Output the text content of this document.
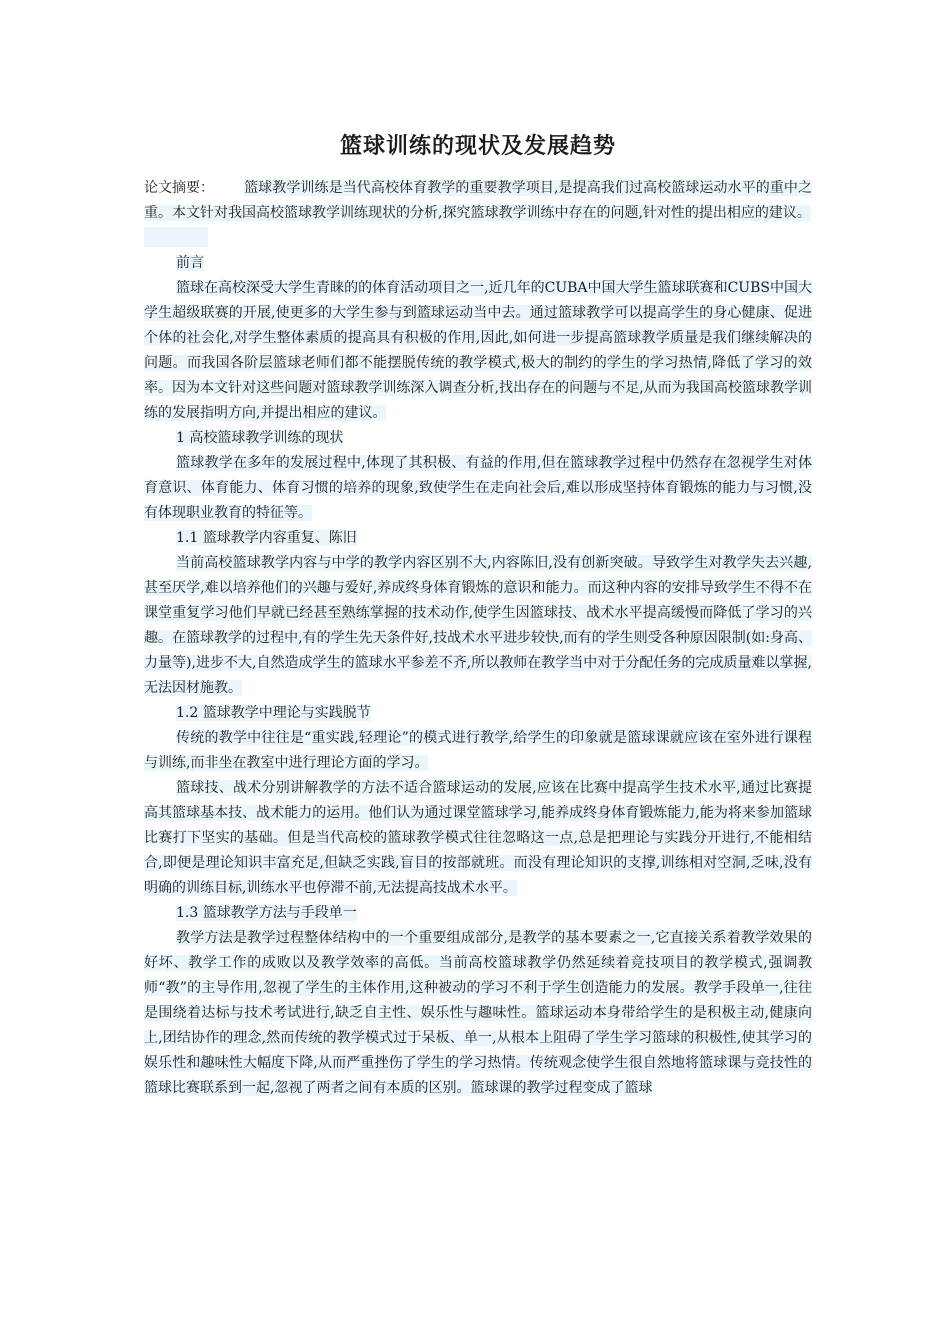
篮球训练的现状及发展趋势

论文摘要： 篮球教学训练是当代高校体育教学的重要教学项目,是提高我们过高校篮球运动水平的重中之重。本文针对我国高校篮球教学训练现状的分析,探究篮球教学训练中存在的问题,针对性的提出相应的建议。

前言

篮球在高校深受大学生青睐的的体育活动项目之一,近几年的CUBA中国大学生篮球联赛和CUBS中国大学生超级联赛的开展,使更多的大学生参与到篮球运动当中去。通过篮球教学可以提高学生的身心健康、促进个体的社会化,对学生整体素质的提高具有积极的作用,因此,如何进一步提高篮球教学质量是我们继续解决的问题。而我国各阶层篮球老师们都不能摆脱传统的教学模式,极大的制约的学生的学习热情,降低了学习的效率。因为本文针对这些问题对篮球教学训练深入调查分析,找出存在的问题与不足,从而为我国高校篮球教学训练的发展指明方向,并提出相应的建议。

1 高校篮球教学训练的现状

篮球教学在多年的发展过程中,体现了其积极、有益的作用,但在篮球教学过程中仍然存在忽视学生对体育意识、体育能力、体育习惯的培养的现象,致使学生在走向社会后,难以形成坚持体育锻炼的能力与习惯,没有体现职业教育的特征等。

1.1 篮球教学内容重复、陈旧

当前高校篮球教学内容与中学的教学内容区别不大,内容陈旧,没有创新突破。导致学生对教学失去兴趣,甚至厌学,难以培养他们的兴趣与爱好,养成终身体育锻炼的意识和能力。而这种内容的安排导致学生不得不在课堂重复学习他们早就已经甚至熟练掌握的技术动作,使学生因篮球技、战术水平提高缓慢而降低了学习的兴趣。在篮球教学的过程中,有的学生先天条件好,技战术水平进步较快,而有的学生则受各种原因限制(如:身高、力量等),进步不大,自然造成学生的篮球水平参差不齐,所以教师在教学当中对于分配任务的完成质量难以掌握,无法因材施教。

1.2 篮球教学中理论与实践脱节

传统的教学中往往是“重实践,轻理论”的模式进行教学,给学生的印象就是篮球课就应该在室外进行课程与训练,而非坐在教室中进行理论方面的学习。

篮球技、战术分别讲解教学的方法不适合篮球运动的发展,应该在比赛中提高学生技术水平,通过比赛提高其篮球基本技、战术能力的运用。他们认为通过课堂篮球学习,能养成终身体育锻炼能力,能为将来参加篮球比赛打下坚实的基础。但是当代高校的篮球教学模式往往忽略这一点,总是把理论与实践分开进行,不能相结合,即便是理论知识丰富充足,但缺乏实践,盲目的按部就班。而没有理论知识的支撑,训练相对空洞,乏味,没有明确的训练目标,训练水平也停滞不前,无法提高技战术水平。

1.3 篮球教学方法与手段单一

教学方法是教学过程整体结构中的一个重要组成部分,是教学的基本要素之一,它直接关系着教学效果的好坏、教学工作的成败以及教学效率的高低。当前高校篮球教学仍然延续着竞技项目的教学模式,强调教师“教”的主导作用,忽视了学生的主体作用,这种被动的学习不利于学生创造能力的发展。教学手段单一,往往是围绕着达标与技术考试进行,缺乏自主性、娱乐性与趣味性。篮球运动本身带给学生的是积极主动,健康向上,团结协作的理念,然而传统的教学模式过于呆板、单一,从根本上阻碍了学生学习篮球的积极性,使其学习的娱乐性和趣味性大幅度下降,从而严重挫伤了学生的学习热情。传统观念使学生很自然地将篮球课与竞技性的篮球比赛联系到一起,忽视了两者之间有本质的区别。篮球课的教学过程变成了篮球
